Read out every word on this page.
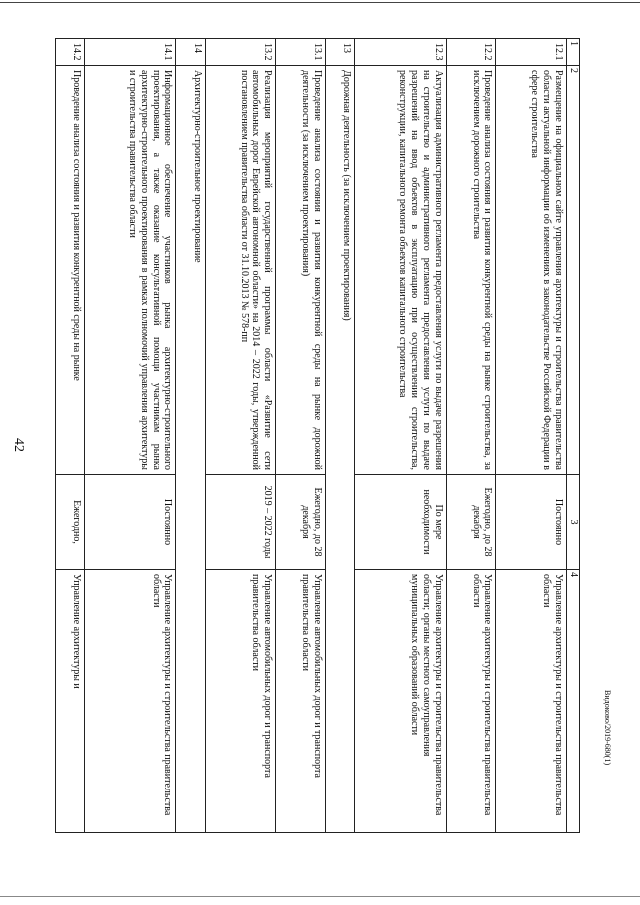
42
1	2	3	4
12.1	Размещение на официальном сайте управления архитектуры и строительства правительства области актуальной информации об изменениях в законодательстве Российской Федерации в сфере строительства	Постоянно	Управление архитектуры и строительства правительства области
12.2	Проведение анализа состояния и развития конкурентной среды на рынке строительства, за исключением дорожного строительства	Ежегодно, до 28 декабря	Управление архитектуры и строительства правительства области
12.3	Актуализация административного регламента предоставления услуги по выдаче разрешения на строительство и административного регламента предоставления услуги по выдаче разрешений на ввод объектов в эксплуатацию при осуществлении строительства, реконструкции, капитального ремонта объектов капитального строительства	По мере необходимости	Управление архитектуры и строительства правительства области; органы местного самоуправления муниципальных образований области
13	Дорожная деятельность (за исключением проектирования)		
13.1	Проведение анализа состояния и развития конкурентной среды на рынке дорожной деятельности (за исключением проектирования)	Ежегодно, до 28 декабря	Управление автомобильных дорог и транспорта правительства области
13.2	Реализация мероприятий государственной программы области «Развитие сети автомобильных дорог Еврейской автономной области» на 2014 – 2022 годы, утвержденной постановлением правительства области от 31.10.2013 № 578-пп	2019 – 2022 годы	Управление автомобильных дорог и транспорта правительства области
14	Архитектурно-строительное проектирование		
14.1	Информационное обеспечение участников рынка архитектурно-строительного проектирования, а также оказание консультативной помощи участникам рынка архитектурно-строительного проектирования в рамках полномочий управления архитектуры и строительства правительства области	Постоянно	Управление архитектуры и строительства правительства области
14.2	Проведение анализа состояния и развития конкурентной среды на рынке	Ежегодно,	Управление архитектуры и
Видоково/2019-680(1)
